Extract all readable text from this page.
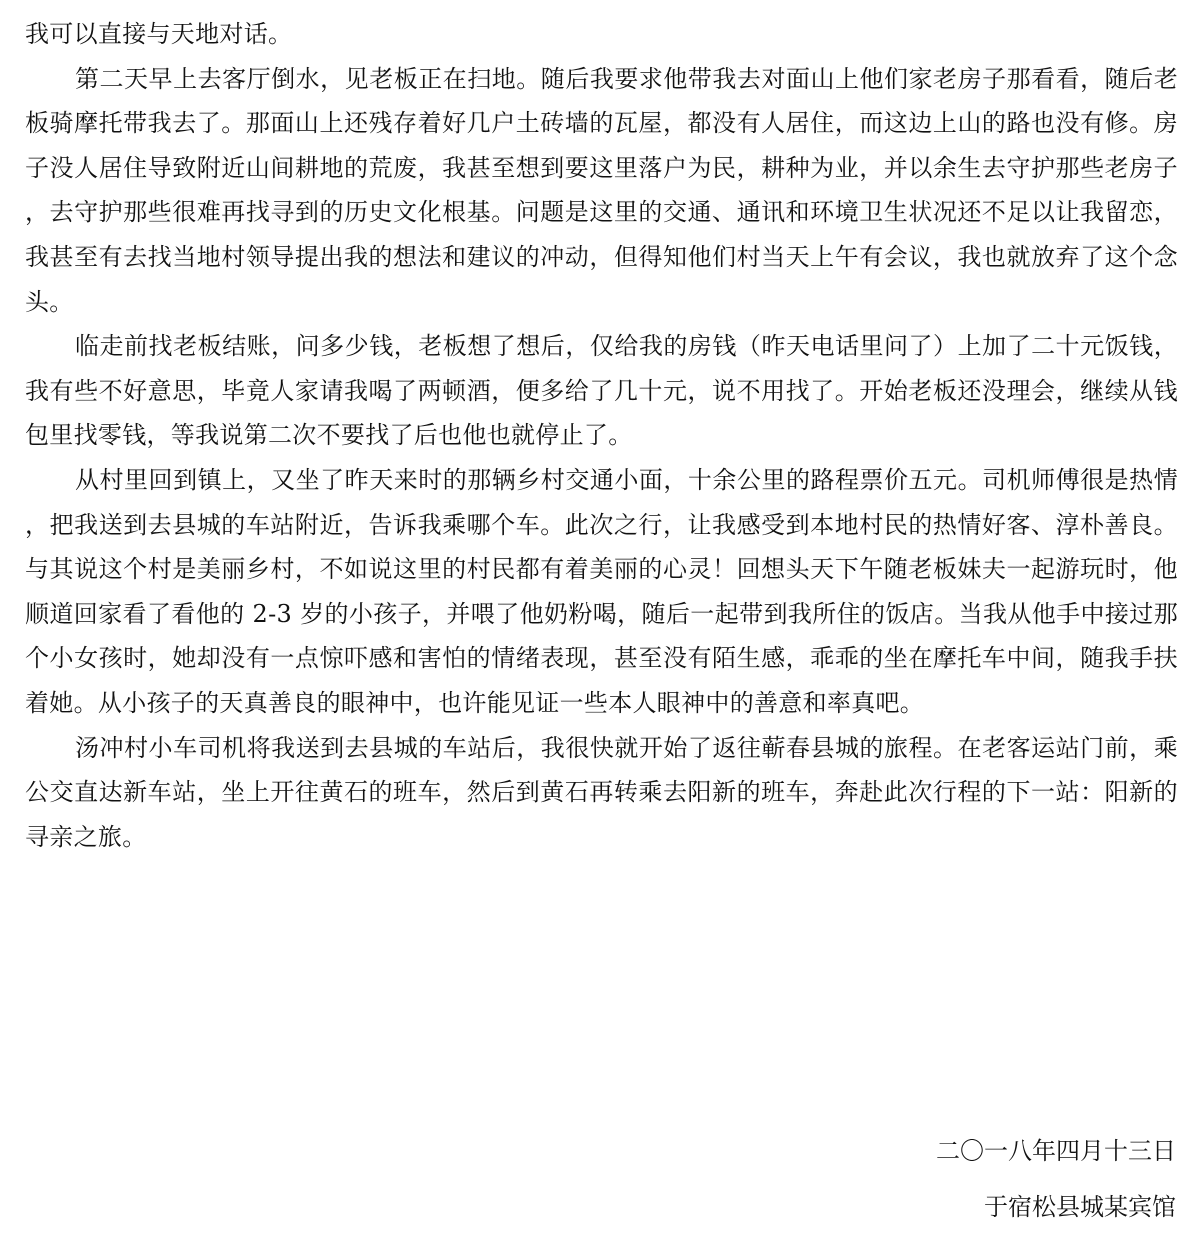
我可以直接与天地对话。

第二天早上去客厅倒水，见老板正在扫地。随后我要求他带我去对面山上他们家老房子那看看，随后老板骑摩托带我去了。那面山上还残存着好几户土砖墙的瓦屋，都没有人居住，而这边上山的路也没有修。房子没人居住导致附近山间耕地的荒废，我甚至想到要这里落户为民，耕种为业，并以余生去守护那些老房子，去守护那些很难再找寻到的历史文化根基。问题是这里的交通、通讯和环境卫生状况还不足以让我留恋，我甚至有去找当地村领导提出我的想法和建议的冲动，但得知他们村当天上午有会议，我也就放弃了这个念头。

临走前找老板结账，问多少钱，老板想了想后，仅给我的房钱（昨天电话里问了）上加了二十元饭钱，我有些不好意思，毕竟人家请我喝了两顿酒，便多给了几十元，说不用找了。开始老板还没理会，继续从钱包里找零钱，等我说第二次不要找了后也他也就停止了。

从村里回到镇上，又坐了昨天来时的那辆乡村交通小面，十余公里的路程票价五元。司机师傅很是热情，把我送到去县城的车站附近，告诉我乘哪个车。此次之行，让我感受到本地村民的热情好客、淳朴善良。与其说这个村是美丽乡村，不如说这里的村民都有着美丽的心灵！回想头天下午随老板妹夫一起游玩时，他顺道回家看了看他的 2-3 岁的小孩子，并喂了他奶粉喝，随后一起带到我所住的饭店。当我从他手中接过那个小女孩时，她却没有一点惊吓感和害怕的情绪表现，甚至没有陌生感，乖乖的坐在摩托车中间，随我手扶着她。从小孩子的天真善良的眼神中，也许能见证一些本人眼神中的善意和率真吧。

汤冲村小车司机将我送到去县城的车站后，我很快就开始了返往蕲春县城的旅程。在老客运站门前，乘公交直达新车站，坐上开往黄石的班车，然后到黄石再转乘去阳新的班车，奔赴此次行程的下一站：阳新的寻亲之旅。

二〇一八年四月十三日
于宿松县城某宾馆
